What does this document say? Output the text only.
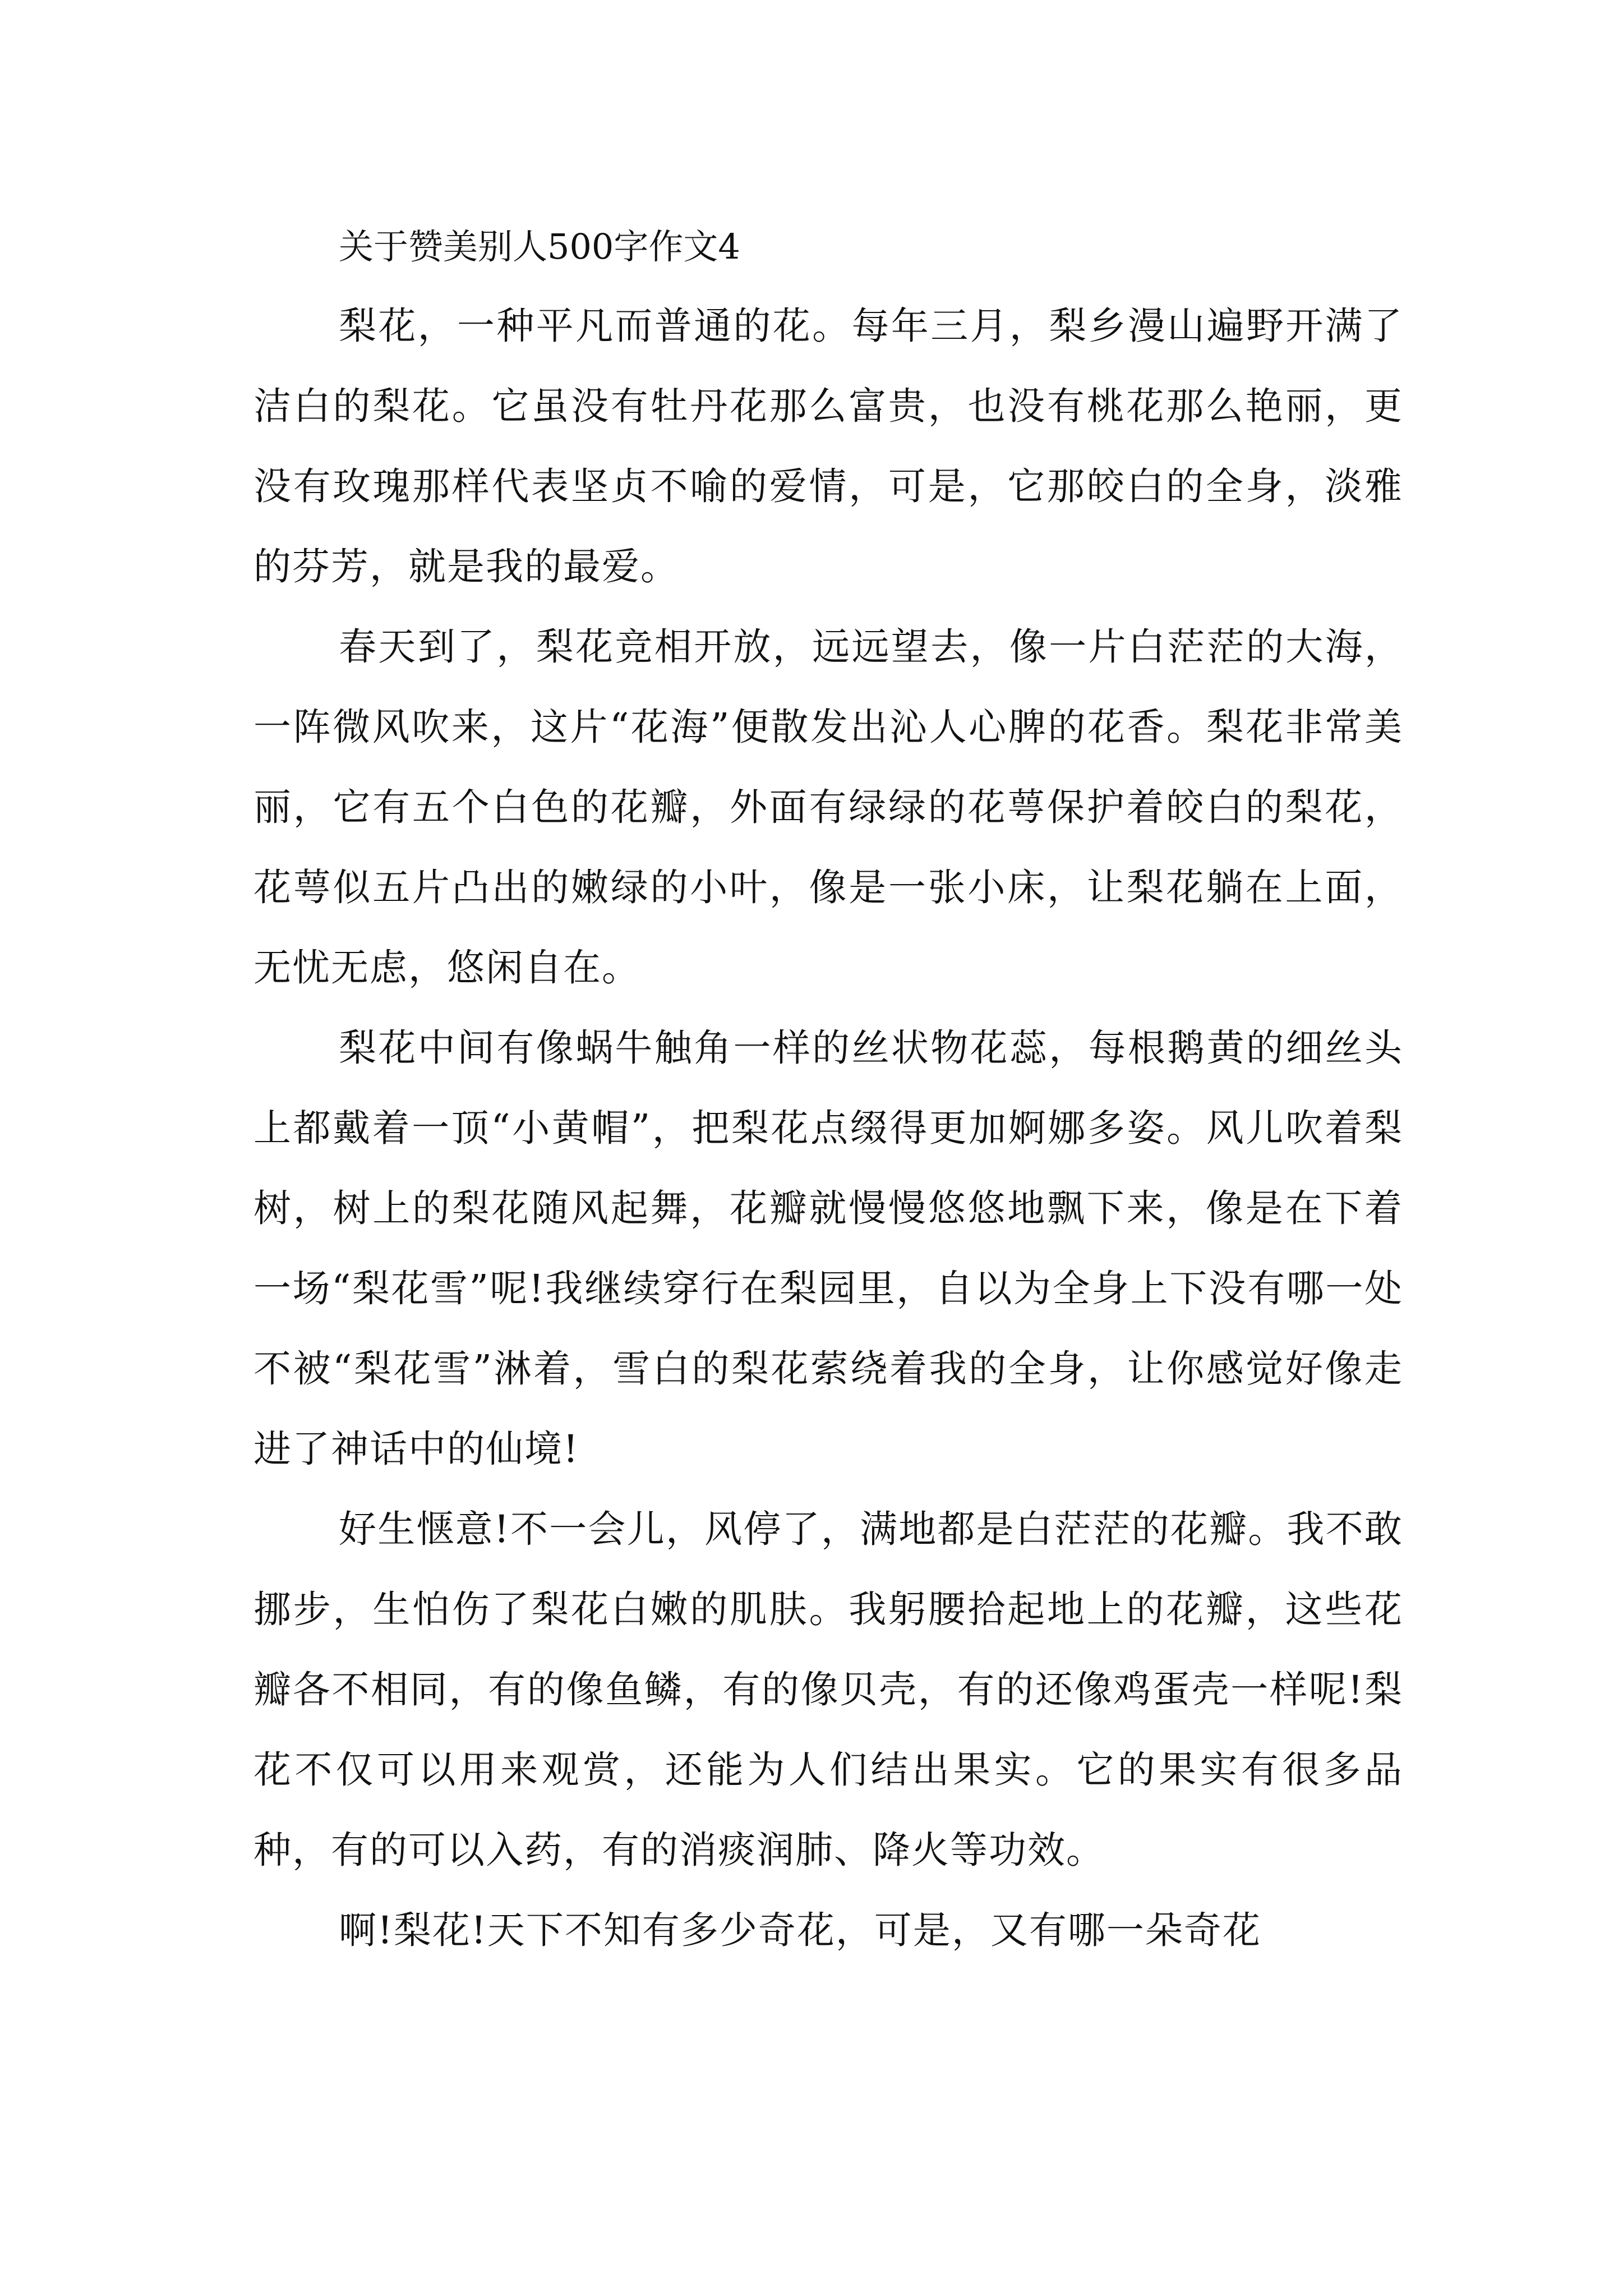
关于赞美别人500字作文4

梨花，一种平凡而普通的花。每年三月，梨乡漫山遍野开满了洁白的梨花。它虽没有牡丹花那么富贵，也没有桃花那么艳丽，更没有玫瑰那样代表坚贞不喻的爱情，可是，它那皎白的全身，淡雅的芬芳，就是我的最爱。

春天到了，梨花竞相开放，远远望去，像一片白茫茫的大海，一阵微风吹来，这片“花海”便散发出沁人心脾的花香。梨花非常美丽，它有五个白色的花瓣，外面有绿绿的花萼保护着皎白的梨花，花萼似五片凸出的嫩绿的小叶，像是一张小床，让梨花躺在上面，无忧无虑，悠闲自在。

梨花中间有像蜗牛触角一样的丝状物花蕊，每根鹅黄的细丝头上都戴着一顶“小黄帽”，把梨花点缀得更加婀娜多姿。风儿吹着梨树，树上的梨花随风起舞，花瓣就慢慢悠悠地飘下来，像是在下着一场“梨花雪”呢!我继续穿行在梨园里，自以为全身上下没有哪一处不被“梨花雪”淋着，雪白的梨花萦绕着我的全身，让你感觉好像走进了神话中的仙境!

好生惬意!不一会儿，风停了，满地都是白茫茫的花瓣。我不敢挪步，生怕伤了梨花白嫩的肌肤。我躬腰拾起地上的花瓣，这些花瓣各不相同，有的像鱼鳞，有的像贝壳，有的还像鸡蛋壳一样呢!梨花不仅可以用来观赏，还能为人们结出果实。它的果实有很多品种，有的可以入药，有的消痰润肺、降火等功效。

啊!梨花!天下不知有多少奇花，可是，又有哪一朵奇花
